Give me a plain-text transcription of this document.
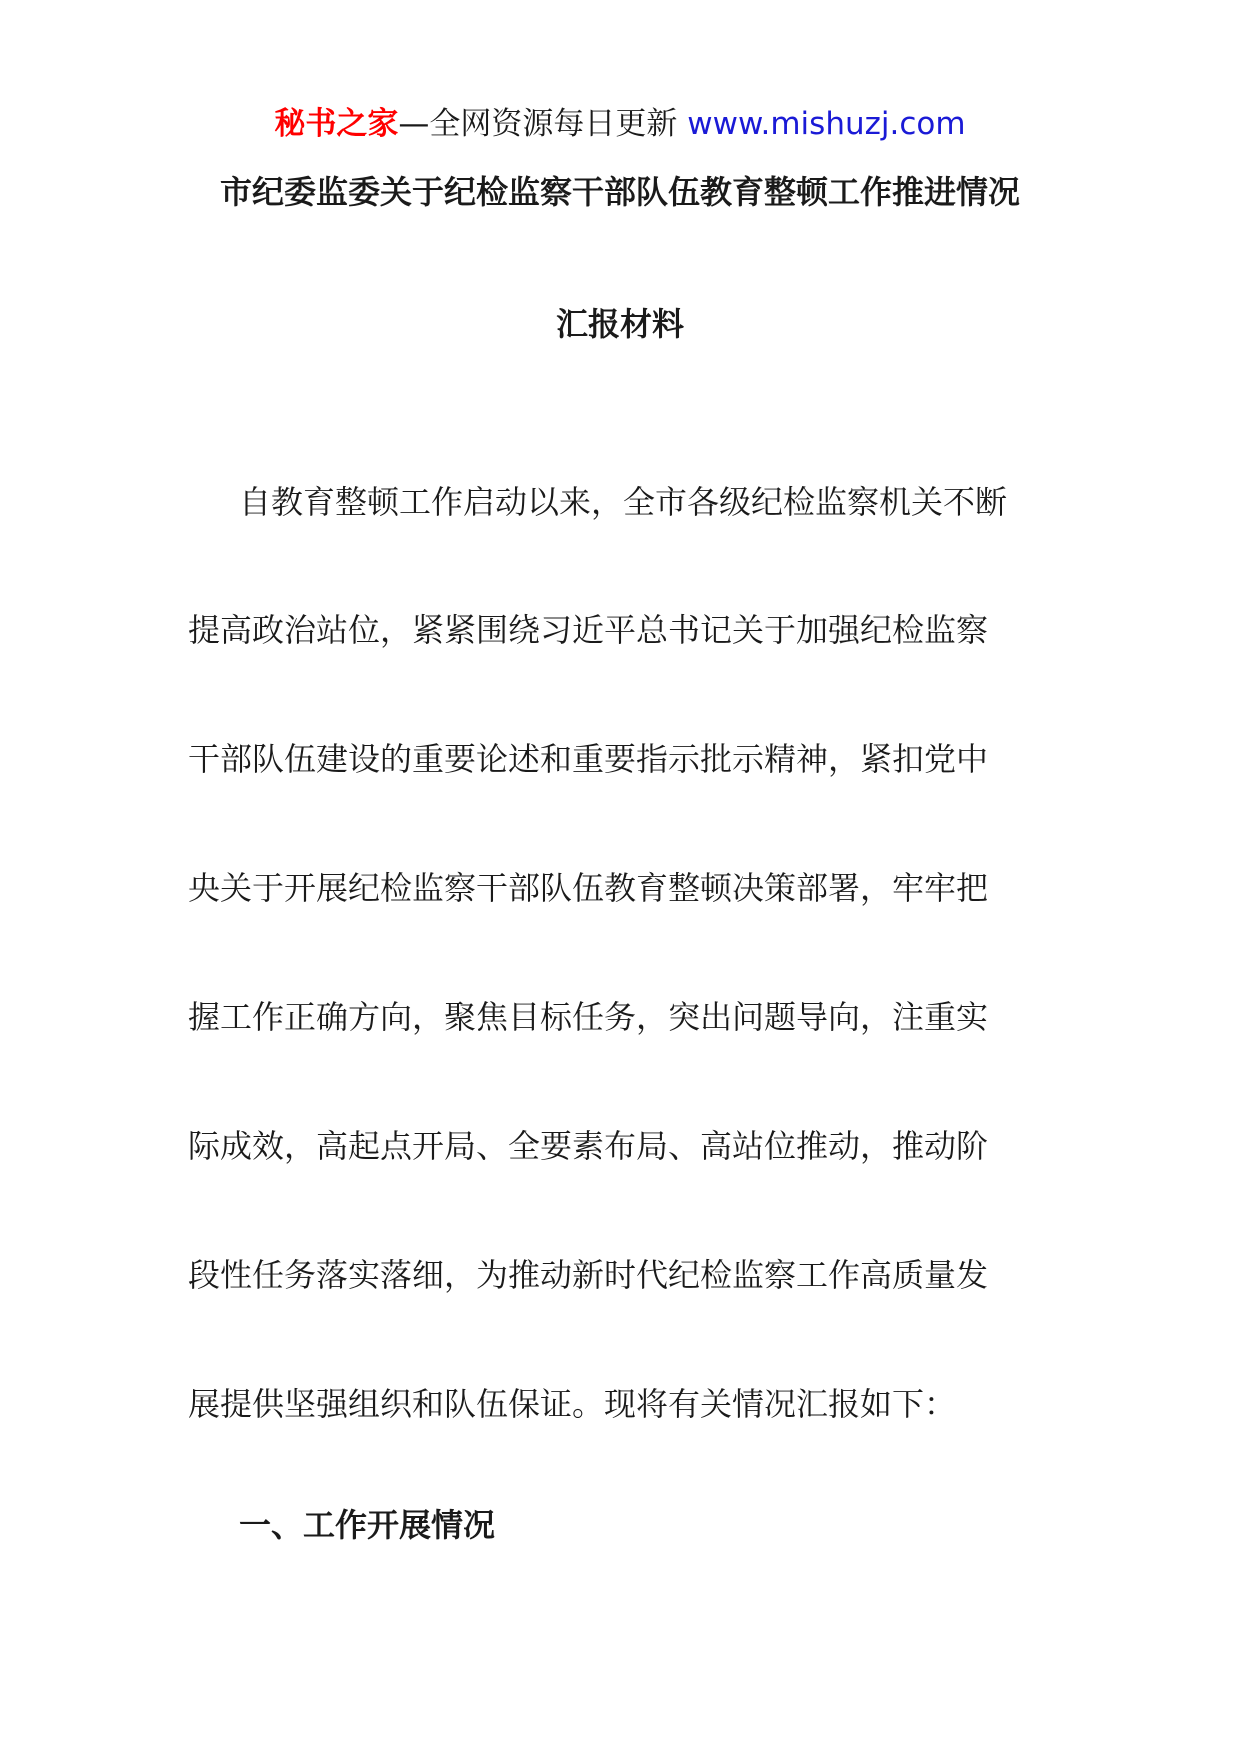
秘书之家—全网资源每日更新 www.mishuzj.com
市纪委监委关于纪检监察干部队伍教育整顿工作推进情况
汇报材料
自教育整顿工作启动以来，全市各级纪检监察机关不断
提高政治站位，紧紧围绕习近平总书记关于加强纪检监察
干部队伍建设的重要论述和重要指示批示精神，紧扣党中
央关于开展纪检监察干部队伍教育整顿决策部署，牢牢把
握工作正确方向，聚焦目标任务，突出问题导向，注重实
际成效，高起点开局、全要素布局、高站位推动，推动阶
段性任务落实落细，为推动新时代纪检监察工作高质量发
展提供坚强组织和队伍保证。现将有关情况汇报如下：
一、工作开展情况
